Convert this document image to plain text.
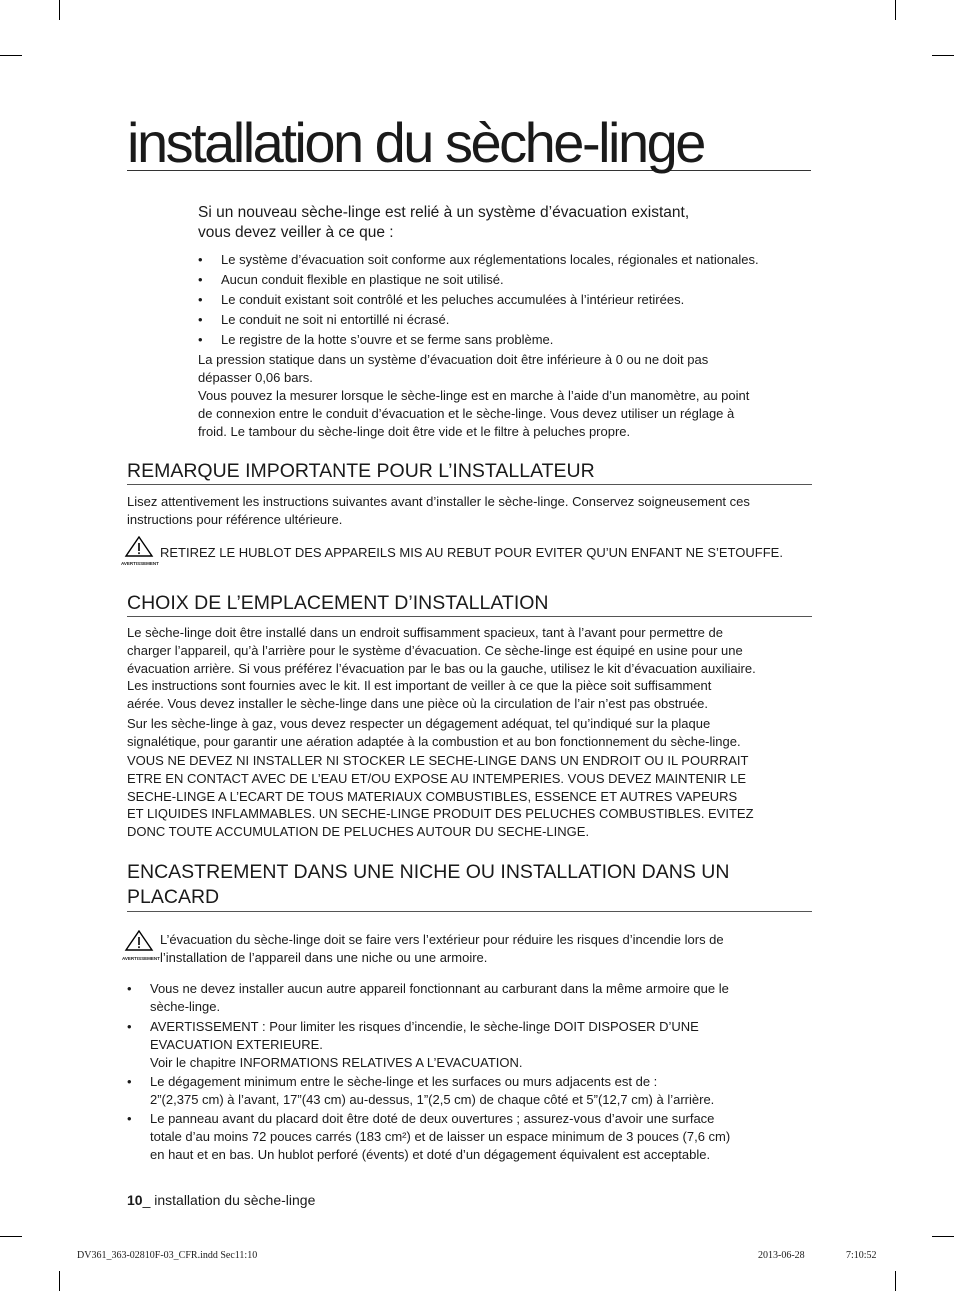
installation du sèche-linge
Si un nouveau sèche-linge est relié à un système d’évacuation existant,
vous devez veiller à ce que :
• Le système d’évacuation soit conforme aux réglementations locales, régionales et nationales.
• Aucun conduit flexible en plastique ne soit utilisé.
• Le conduit existant soit contrôlé et les peluches accumulées à l’intérieur retirées.
• Le conduit ne soit ni entortillé ni écrasé.
• Le registre de la hotte s’ouvre et se ferme sans problème.
La pression statique dans un système d’évacuation doit être inférieure à 0 ou ne doit pas
dépasser 0,06 bars.
Vous pouvez la mesurer lorsque le sèche-linge est en marche à l’aide d’un manomètre, au point
de connexion entre le conduit d’évacuation et le sèche-linge. Vous devez utiliser un réglage à
froid. Le tambour du sèche-linge doit être vide et le filtre à peluches propre.
REMARQUE IMPORTANTE POUR L’INSTALLATEUR
Lisez attentivement les instructions suivantes avant d’installer le sèche-linge. Conservez soigneusement ces
instructions pour référence ultérieure.
AVERTISSEMENT
RETIREZ LE HUBLOT DES APPAREILS MIS AU REBUT POUR EVITER QU’UN ENFANT NE S’ETOUFFE.
CHOIX DE L’EMPLACEMENT D’INSTALLATION
Le sèche-linge doit être installé dans un endroit suffisamment spacieux, tant à l’avant pour permettre de
charger l’appareil, qu’à l’arrière pour le système d’évacuation. Ce sèche-linge est équipé en usine pour une
évacuation arrière. Si vous préférez l’évacuation par le bas ou la gauche, utilisez le kit d’évacuation auxiliaire.
Les instructions sont fournies avec le kit. Il est important de veiller à ce que la pièce soit suffisamment
aérée. Vous devez installer le sèche-linge dans une pièce où la circulation de l’air n’est pas obstruée.
Sur les sèche-linge à gaz, vous devez respecter un dégagement adéquat, tel qu’indiqué sur la plaque
signalétique, pour garantir une aération adaptée à la combustion et au bon fonctionnement du sèche-linge.
VOUS NE DEVEZ NI INSTALLER NI STOCKER LE SECHE-LINGE DANS UN ENDROIT OU IL POURRAIT
ETRE EN CONTACT AVEC DE L’EAU ET/OU EXPOSE AU INTEMPERIES. VOUS DEVEZ MAINTENIR LE
SECHE-LINGE A L’ECART DE TOUS MATERIAUX COMBUSTIBLES, ESSENCE ET AUTRES VAPEURS
ET LIQUIDES INFLAMMABLES. UN SECHE-LINGE PRODUIT DES PELUCHES COMBUSTIBLES. EVITEZ
DONC TOUTE ACCUMULATION DE PELUCHES AUTOUR DU SECHE-LINGE.
ENCASTREMENT DANS UNE NICHE OU INSTALLATION DANS UN
PLACARD
AVERTISSEMENT
L’évacuation du sèche-linge doit se faire vers l’extérieur pour réduire les risques d’incendie lors de
l’installation de l’appareil dans une niche ou une armoire.
• Vous ne devez installer aucun autre appareil fonctionnant au carburant dans la même armoire que le
sèche-linge.
• AVERTISSEMENT : Pour limiter les risques d’incendie, le sèche-linge DOIT DISPOSER D’UNE
EVACUATION EXTERIEURE.
Voir le chapitre INFORMATIONS RELATIVES A L’EVACUATION.
• Le dégagement minimum entre le sèche-linge et les surfaces ou murs adjacents est de :
2”(2,375 cm) à l’avant, 17”(43 cm) au-dessus, 1”(2,5 cm) de chaque côté et 5”(12,7 cm) à l’arrière.
• Le panneau avant du placard doit être doté de deux ouvertures ; assurez-vous d’avoir une surface
totale d’au moins 72 pouces carrés (183 cm²) et de laisser un espace minimum de 3 pouces (7,6 cm)
en haut et en bas. Un hublot perforé (évents) et doté d’un dégagement équivalent est acceptable.
10_ installation du sèche-linge
DV361_363-02810F-03_CFR.indd Sec11:10	2013-06-28	7:10:52
